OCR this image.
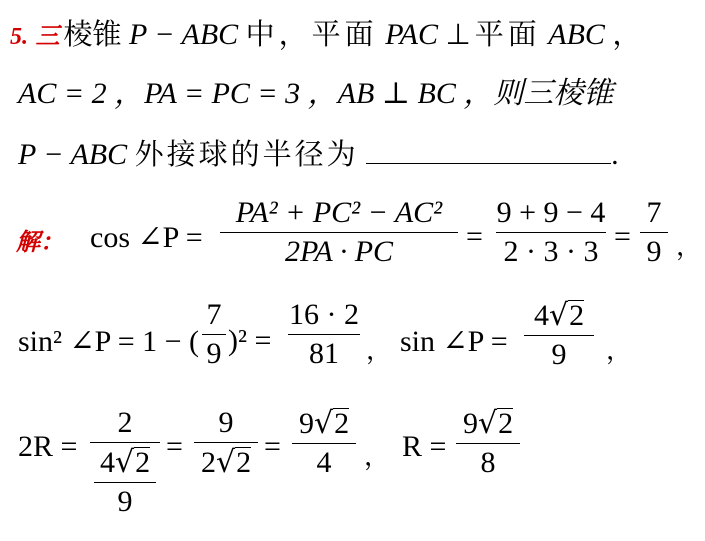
5. 三 棱锥 P − ABC 中，平面 PAC ⊥平面 ABC ，
AC = 2 ，PA = PC = 3 ，AB ⊥ BC ，则三棱锥
P − ABC 外接球的半径为	.
解： cos ∠P =
PA² + PC² − AC²
2PA · PC	=
9 + 9 − 4
2 · 3 · 3 =
7
9 ，
sin² ∠P = 1 − (
7
9 )² =
16 · 2
81	， sin ∠P =
4√2
9	，
2R =
2
$\frac{4√2}{9}$ =
9
2√2 =
9√2
4	， R =
9√2
8
